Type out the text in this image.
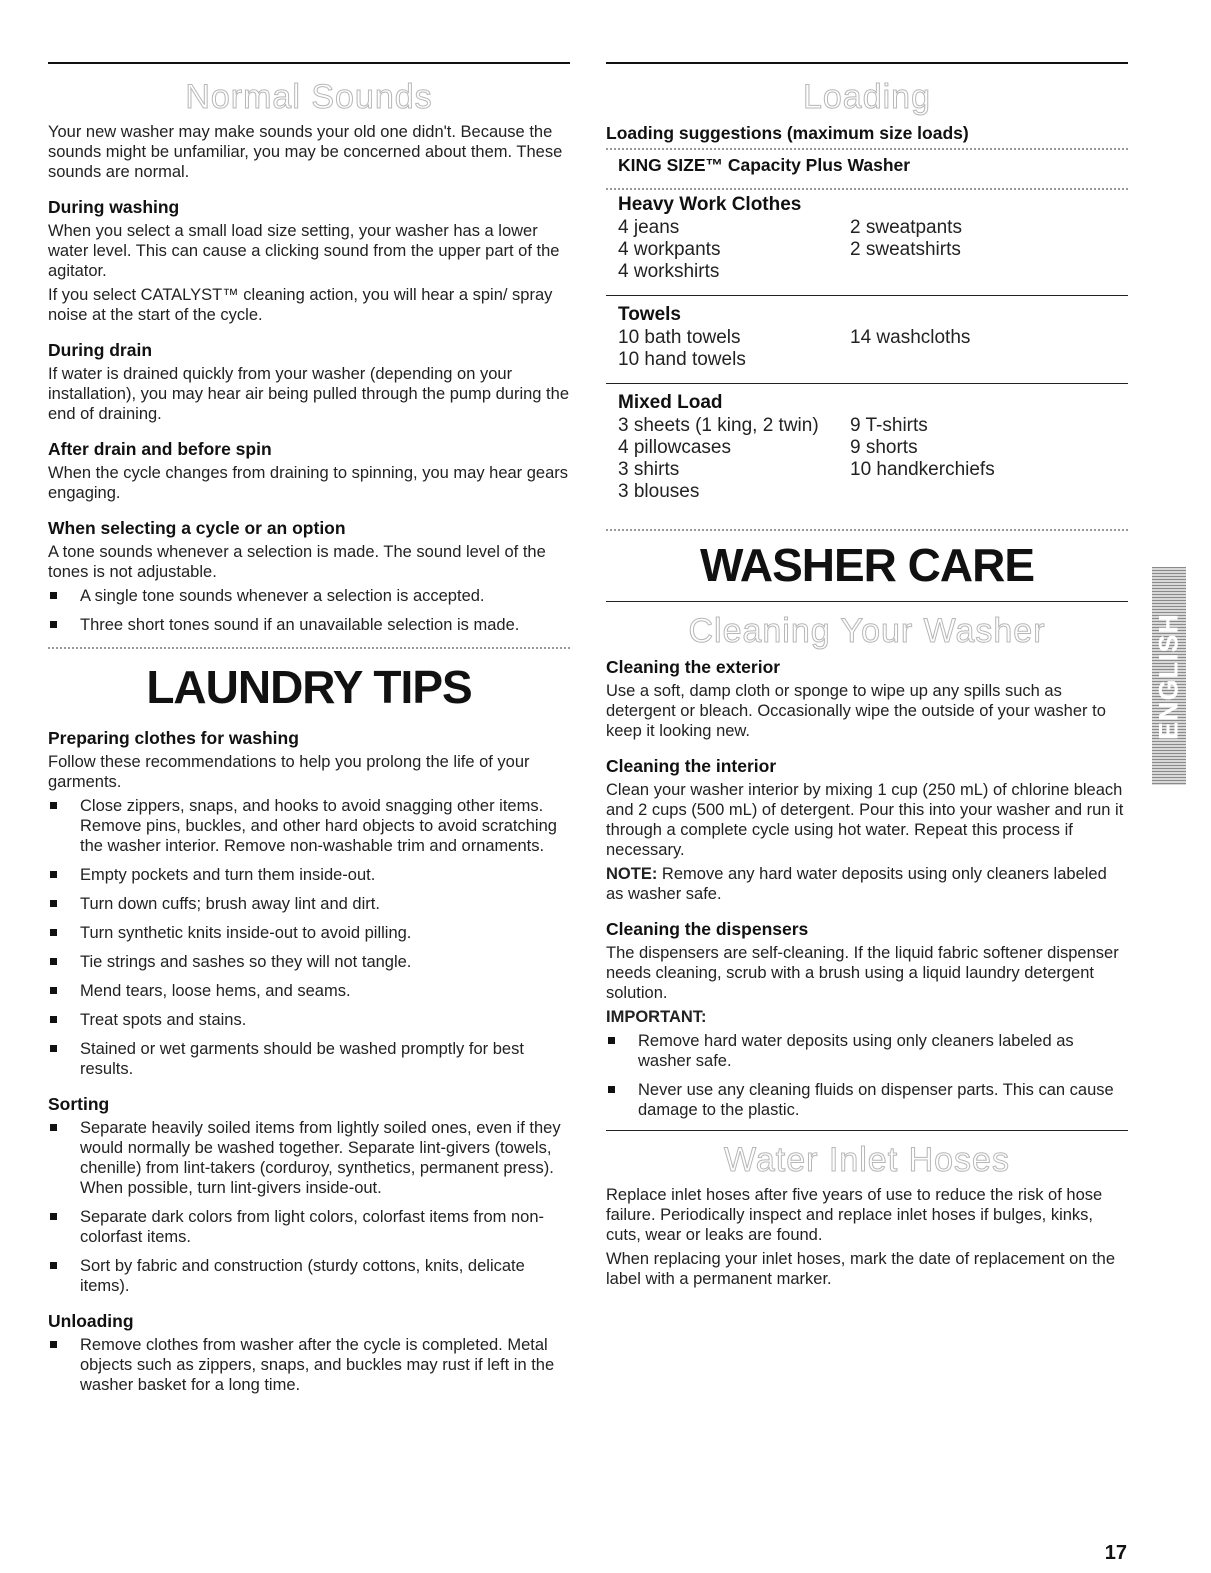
Normal Sounds

Your new washer may make sounds your old one didn't. Because the sounds might be unfamiliar, you may be concerned about them. These sounds are normal.

During washing

When you select a small load size setting, your washer has a lower water level. This can cause a clicking sound from the upper part of the agitator.

If you select CATALYST™ cleaning action, you will hear a spin/ spray noise at the start of the cycle.

During drain

If water is drained quickly from your washer (depending on your installation), you may hear air being pulled through the pump during the end of draining.

After drain and before spin

When the cycle changes from draining to spinning, you may hear gears engaging.

When selecting a cycle or an option

A tone sounds whenever a selection is made. The sound level of the tones is not adjustable.

A single tone sounds whenever a selection is accepted.
Three short tones sound if an unavailable selection is made.
LAUNDRY TIPS
Preparing clothes for washing

Follow these recommendations to help you prolong the life of your garments.

Close zippers, snaps, and hooks to avoid snagging other items. Remove pins, buckles, and other hard objects to avoid scratching the washer interior. Remove non-washable trim and ornaments.
Empty pockets and turn them inside-out.
Turn down cuffs; brush away lint and dirt.
Turn synthetic knits inside-out to avoid pilling.
Tie strings and sashes so they will not tangle.
Mend tears, loose hems, and seams.
Treat spots and stains.
Stained or wet garments should be washed promptly for best results.
Sorting
Separate heavily soiled items from lightly soiled ones, even if they would normally be washed together. Separate lint-givers (towels, chenille) from lint-takers (corduroy, synthetics, permanent press). When possible, turn lint-givers inside-out.
Separate dark colors from light colors, colorfast items from non-colorfast items.
Sort by fabric and construction (sturdy cottons, knits, delicate items).
Unloading
Remove clothes from washer after the cycle is completed. Metal objects such as zippers, snaps, and buckles may rust if left in the washer basket for a long time.
Loading
Loading suggestions (maximum size loads)
KING SIZE™ Capacity Plus Washer
Heavy Work Clothes
4 jeans	2 sweatpants
4 workpants	2 sweatshirts
4 workshirts
Towels
10 bath towels	14 washcloths
10 hand towels
Mixed Load
3 sheets (1 king, 2 twin)	9 T-shirts
4 pillowcases	9 shorts
3 shirts	10 handkerchiefs
3 blouses
WASHER CARE
Cleaning Your Washer
Cleaning the exterior

Use a soft, damp cloth or sponge to wipe up any spills such as detergent or bleach. Occasionally wipe the outside of your washer to keep it looking new.

Cleaning the interior

Clean your washer interior by mixing 1 cup (250 mL) of chlorine bleach and 2 cups (500 mL) of detergent. Pour this into your washer and run it through a complete cycle using hot water. Repeat this process if necessary.

NOTE: Remove any hard water deposits using only cleaners labeled as washer safe.

Cleaning the dispensers

The dispensers are self-cleaning. If the liquid fabric softener dispenser needs cleaning, scrub with a brush using a liquid laundry detergent solution.

IMPORTANT:

Remove hard water deposits using only cleaners labeled as washer safe.
Never use any cleaning fluids on dispenser parts. This can cause damage to the plastic.
Water Inlet Hoses

Replace inlet hoses after five years of use to reduce the risk of hose failure. Periodically inspect and replace inlet hoses if bulges, kinks, cuts, wear or leaks are found.

When replacing your inlet hoses, mark the date of replacement on the label with a permanent marker.

ENGLISH
17
